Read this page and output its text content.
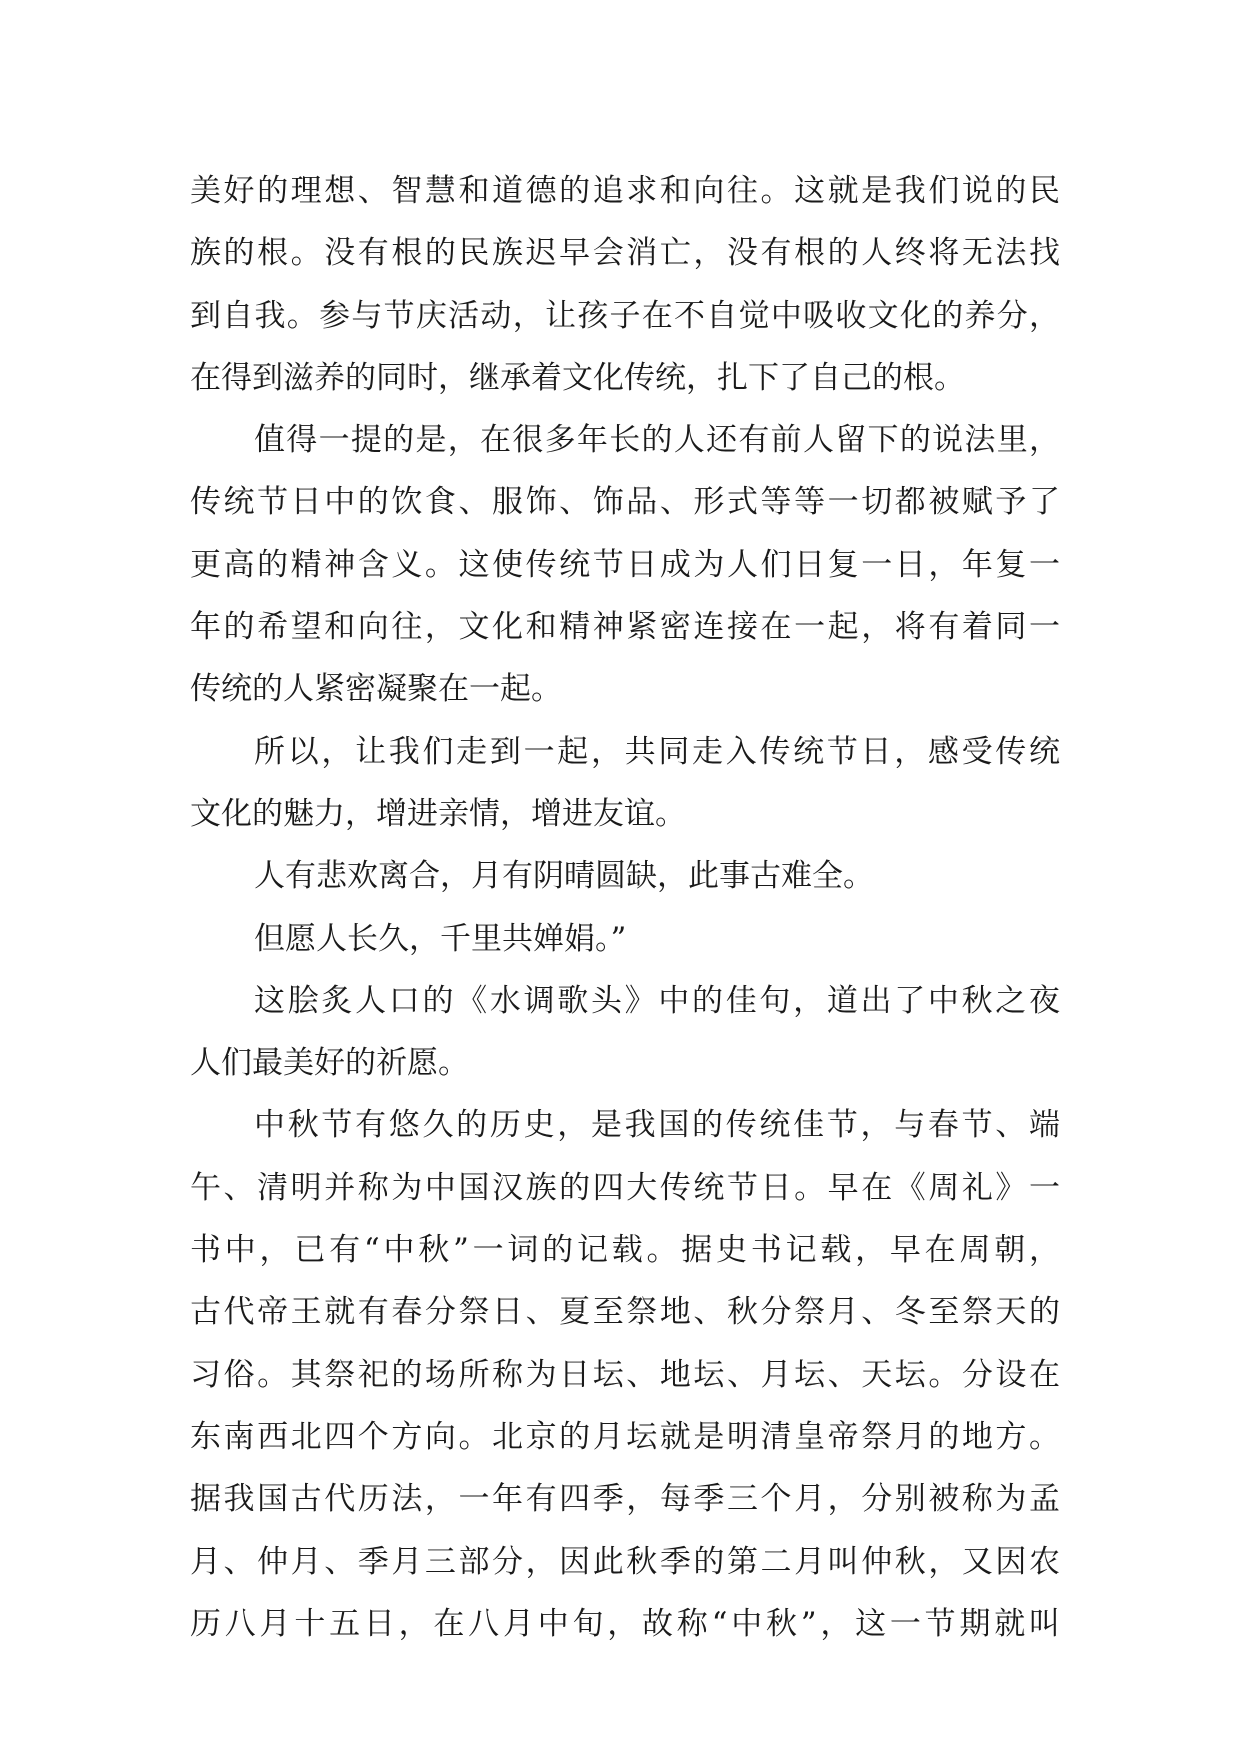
美好的理想、智慧和道德的追求和向往。这就是我们说的民
族的根。没有根的民族迟早会消亡，没有根的人终将无法找
到自我。参与节庆活动，让孩子在不自觉中吸收文化的养分，
在得到滋养的同时，继承着文化传统，扎下了自己的根。
值得一提的是，在很多年长的人还有前人留下的说法里，
传统节日中的饮食、服饰、饰品、形式等等一切都被赋予了
更高的精神含义。这使传统节日成为人们日复一日，年复一
年的希望和向往，文化和精神紧密连接在一起，将有着同一
传统的人紧密凝聚在一起。
所以，让我们走到一起，共同走入传统节日，感受传统
文化的魅力，增进亲情，增进友谊。
人有悲欢离合，月有阴晴圆缺，此事古难全。
但愿人长久，千里共婵娟。”
这脍炙人口的《水调歌头》中的佳句，道出了中秋之夜
人们最美好的祈愿。
中秋节有悠久的历史，是我国的传统佳节，与春节、端
午、清明并称为中国汉族的四大传统节日。早在《周礼》一
书中，已有“中秋”一词的记载。据史书记载，早在周朝，
古代帝王就有春分祭日、夏至祭地、秋分祭月、冬至祭天的
习俗。其祭祀的场所称为日坛、地坛、月坛、天坛。分设在
东南西北四个方向。北京的月坛就是明清皇帝祭月的地方。
据我国古代历法，一年有四季，每季三个月，分别被称为孟
月、仲月、季月三部分，因此秋季的第二月叫仲秋，又因农
历八月十五日，在八月中旬，故称“中秋”，这一节期就叫
